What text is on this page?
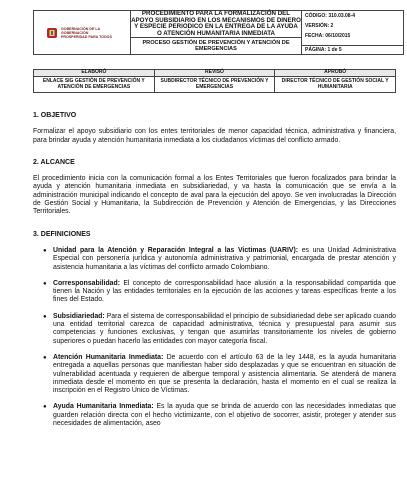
GOBERNACIÓN DE LA
GOBERNACIÓN
PROSPERIDAD PARA TODOS
	PROCEDIMIENTO PARA LA FORMALIZACIÓN DEL APOYO SUBSIDIARIO EN LOS MECANISMOS DE DINERO Y ESPECIE PERIODICO EN LA ENTREGA DE LA AYUDA O ATENCIÓN HUMANITARIA INMEDIATA	
CÓDIGO: 310.03.08-4
VERSIÓN: 2
FECHA: 06/10/2015

PROCESO GESTIÓN DE PREVENCIÓN Y ATENCIÓN DE EMERGENCIAS
PÁGINA: 1 de 5
ELABORÓ	REVISÓ	APROBÓ
ENLACE SIG GESTIÓN DE PREVENCIÓN Y ATENCIÓN DE EMERGENCIAS	SUBDIRECTOR TÉCNICO DE PREVENCIÓN Y EMERGENCIAS	DIRECTOR TÉCNICO DE GESTIÓN SOCIAL Y HUMANITARIA

1. OBJETIVO

Formalizar el apoyo subsidiario con los entes territoriales de menor capacidad técnica, administrativa y financiera, para brindar ayuda y atención humanitaria inmediata a los ciudadanos víctimas del conflicto armado.

2. ALCANCE

El procedimiento inicia con la comunicación formal a los Entes Territoriales que fueron focalizados para brindar la ayuda y atención humanitaria inmediata en subsidiariedad, y va hasta la comunicación que se envía a la administración municipal indicando el concepto de aval para la ejecución del apoyo. Se ven involucradas la Dirección de Gestión Social y Humanitaria, la Subdirección de Prevención y Atención de Emergencias, y las Direcciones Territoriales.

3. DEFINICIONES

● Unidad para la Atención y Reparación Integral a las Victimas (UARIV): es una Unidad Administrativa Especial con personería jurídica y autonomía administrativa y patrimonial, encargada de prestar atención y asistencia humanitaria a las víctimas del conflicto armado Colombiano.
● Corresponsabilidad: El concepto de corresponsabilidad hace alusión a la responsabilidad compartida que tienen la Nación y las entidades territoriales en la ejecución de las acciones y tareas específicas frente a los fines del Estado.
● Subsidiariedad: Para el sistema de corresponsabilidad el principio de subsidiariedad debe ser aplicado cuando una entidad territorial carezca de capacidad administrativa, técnica y presupuestal para asumir sus competencias y funciones exclusivas, y tengan que asumirlas transitoriamente los niveles de gobierno superiores o puedan hacerlo las entidades con mayor categoría fiscal.
● Atención Humanitaria Inmediata: De acuerdo con el artículo 63 de la ley 1448, es la ayuda humanitaria entregada a aquellas personas que manifiestan haber sido desplazadas y que se encuentran en situación de vulnerabilidad acentuada y requieren de albergue temporal y asistencia alimentaria. Se atenderá de manera inmediata desde el momento en que se presenta la declaración, hasta el momento en el cual se realiza la inscripción en el Registro Único de Víctimas.
● Ayuda Humanitaria Inmediata: Es la ayuda que se brinda de acuerdo con las necesidades inmediatas que guarden relación directa con el hecho victimizante, con el objetivo de socorrer, asistir, proteger y atender sus necesidades de alimentación, aseo
